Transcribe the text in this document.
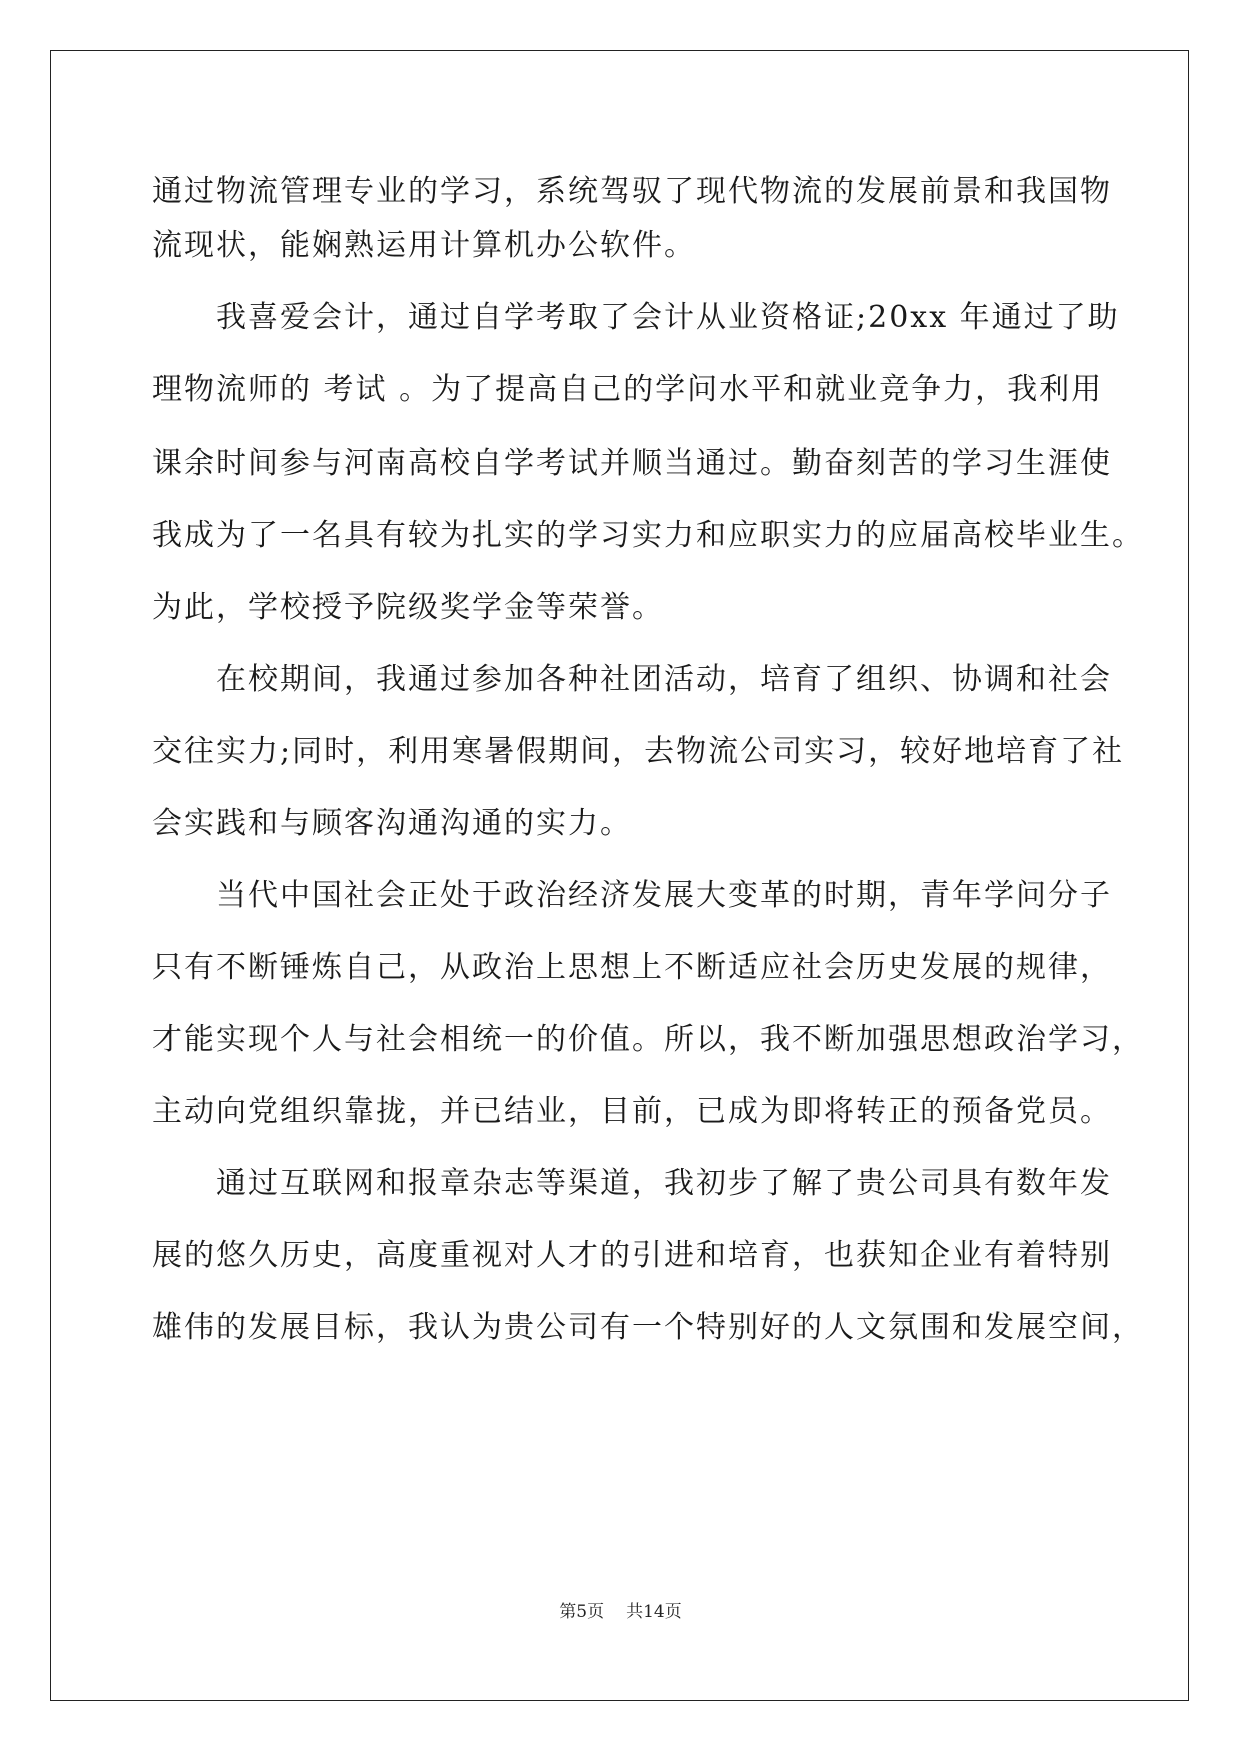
通过物流管理专业的学习，系统驾驭了现代物流的发展前景和我国物
流现状，能娴熟运用计算机办公软件。
我喜爱会计，通过自学考取了会计从业资格证;20xx 年通过了助
理物流师的 考试 。为了提高自己的学问水平和就业竞争力，我利用
课余时间参与河南高校自学考试并顺当通过。勤奋刻苦的学习生涯使
我成为了一名具有较为扎实的学习实力和应职实力的应届高校毕业生。
为此，学校授予院级奖学金等荣誉。
在校期间，我通过参加各种社团活动，培育了组织、协调和社会
交往实力;同时，利用寒暑假期间，去物流公司实习，较好地培育了社
会实践和与顾客沟通沟通的实力。
当代中国社会正处于政治经济发展大变革的时期，青年学问分子
只有不断锤炼自己，从政治上思想上不断适应社会历史发展的规律，
才能实现个人与社会相统一的价值。所以，我不断加强思想政治学习，
主动向党组织靠拢，并已结业，目前，已成为即将转正的预备党员。
通过互联网和报章杂志等渠道，我初步了解了贵公司具有数年发
展的悠久历史，高度重视对人才的引进和培育，也获知企业有着特别
雄伟的发展目标，我认为贵公司有一个特别好的人文氛围和发展空间，
第5页 共14页
